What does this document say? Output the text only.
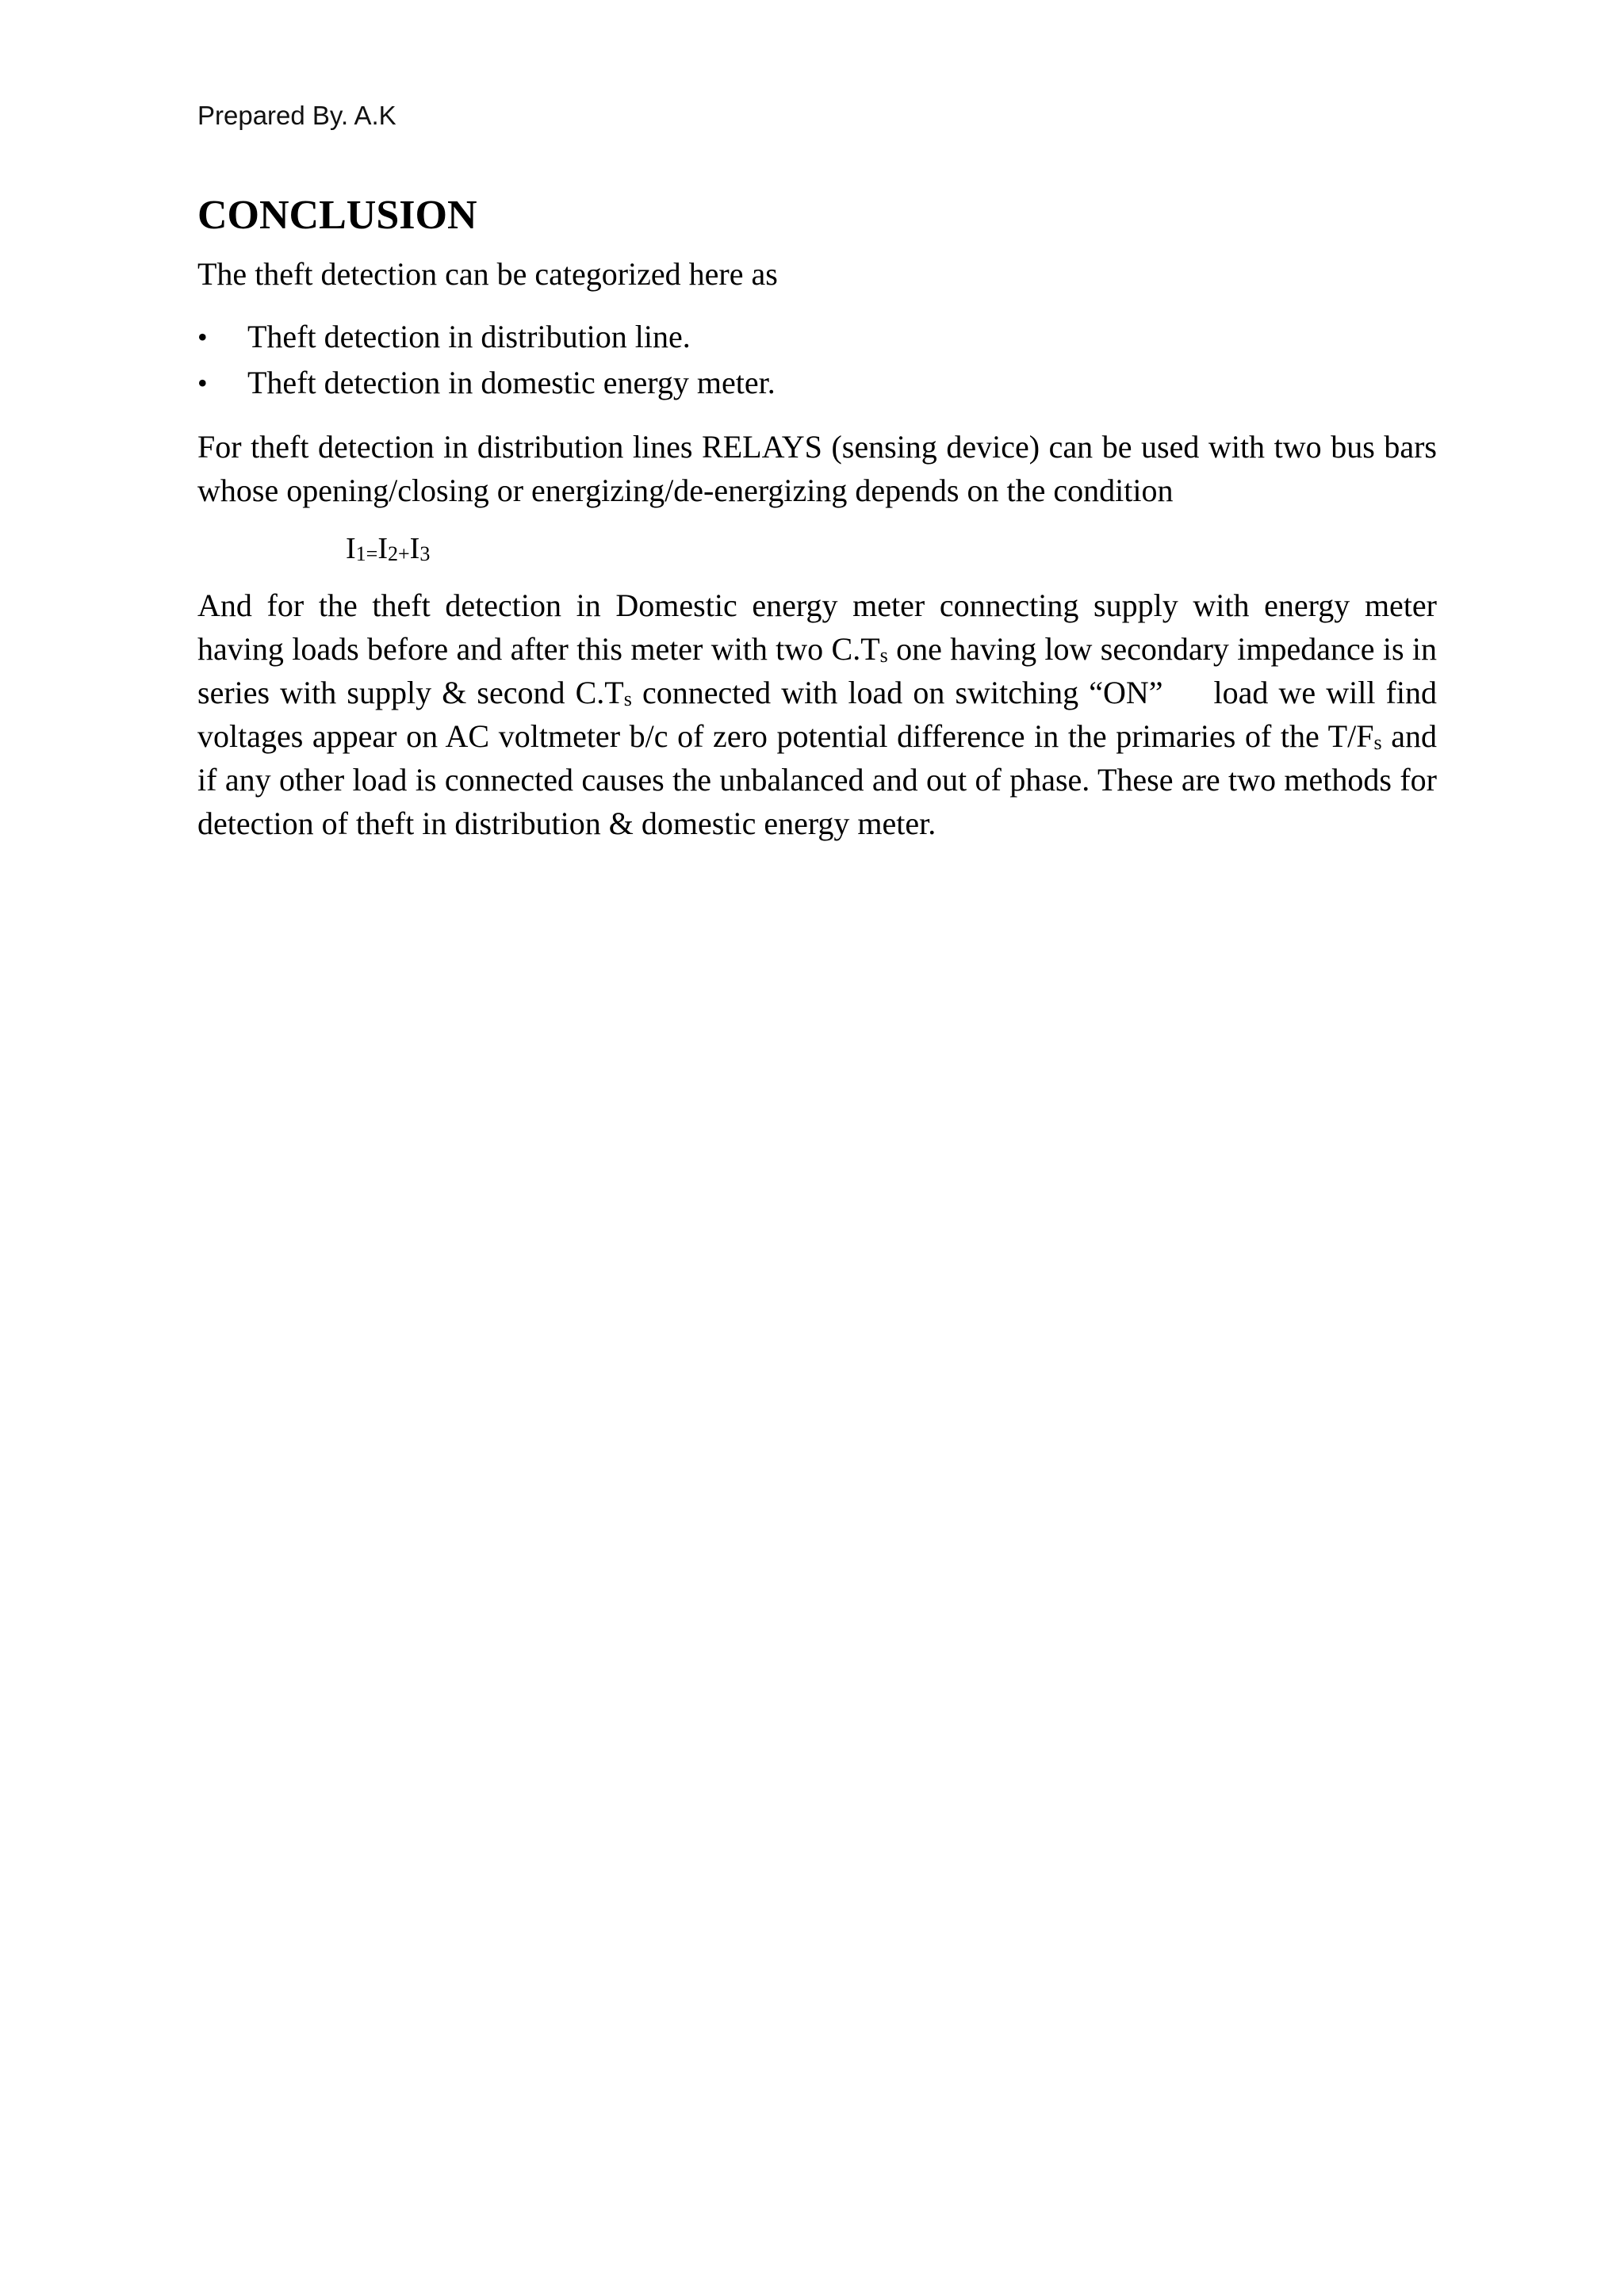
Prepared By. A.K
CONCLUSION

The theft detection can be categorized here as

• Theft detection in distribution line.
• Theft detection in domestic energy meter.

For theft detection in distribution lines RELAYS (sensing device) can be used with two bus bars whose opening/closing or energizing/de-energizing depends on the condition

$I_{1=}I_{2+}I_3$

And for the theft detection in Domestic energy meter connecting supply with energy meter having loads before and after this meter with two $C.T_s$ one having low secondary impedance is in series with supply & second $C.T_s$ connected with load on switching “ON” load we will find voltages appear on AC voltmeter b/c of zero potential difference in the primaries of the $T/F_s$ and if any other load is connected causes the unbalanced and out of phase. These are two methods for detection of theft in distribution & domestic energy meter.
